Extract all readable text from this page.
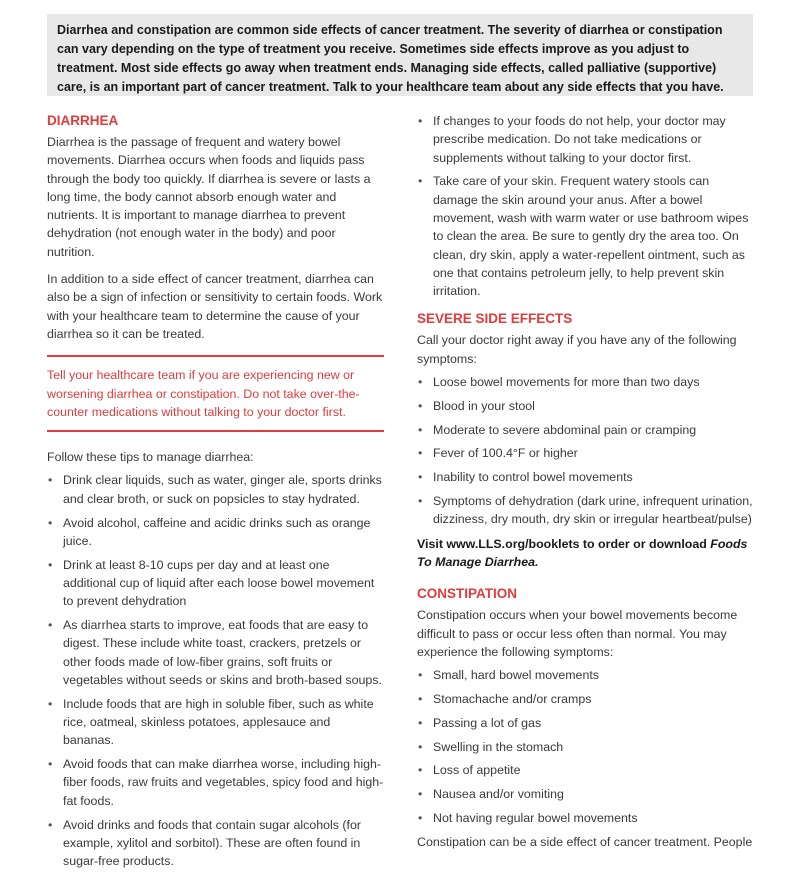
Diarrhea and constipation are common side effects of cancer treatment. The severity of diarrhea or constipation can vary depending on the type of treatment you receive. Sometimes side effects improve as you adjust to treatment. Most side effects go away when treatment ends. Managing side effects, called palliative (supportive) care, is an important part of cancer treatment. Talk to your healthcare team about any side effects that you have.
DIARRHEA

Diarrhea is the passage of frequent and watery bowel movements. Diarrhea occurs when foods and liquids pass through the body too quickly. If diarrhea is severe or lasts a long time, the body cannot absorb enough water and nutrients. It is important to manage diarrhea to prevent dehydration (not enough water in the body) and poor nutrition.

In addition to a side effect of cancer treatment, diarrhea can also be a sign of infection or sensitivity to certain foods. Work with your healthcare team to determine the cause of your diarrhea so it can be treated.

Tell your healthcare team if you are experiencing new or worsening diarrhea or constipation. Do not take over-the-counter medications without talking to your doctor first.

Follow these tips to manage diarrhea:

• Drink clear liquids, such as water, ginger ale, sports drinks and clear broth, or suck on popsicles to stay hydrated.
• Avoid alcohol, caffeine and acidic drinks such as orange juice.
• Drink at least 8-10 cups per day and at least one additional cup of liquid after each loose bowel movement to prevent dehydration
• As diarrhea starts to improve, eat foods that are easy to digest. These include white toast, crackers, pretzels or other foods made of low-fiber grains, soft fruits or vegetables without seeds or skins and broth-based soups.
• Include foods that are high in soluble fiber, such as white rice, oatmeal, skinless potatoes, applesauce and bananas.
• Avoid foods that can make diarrhea worse, including high-fiber foods, raw fruits and vegetables, spicy food and high-fat foods.
• Avoid drinks and foods that contain sugar alcohols (for example, xylitol and sorbitol). These are often found in sugar-free products.
• If changes to your foods do not help, your doctor may prescribe medication. Do not take medications or supplements without talking to your doctor first.
• Take care of your skin. Frequent watery stools can damage the skin around your anus. After a bowel movement, wash with warm water or use bathroom wipes to clean the area. Be sure to gently dry the area too. On clean, dry skin, apply a water-repellent ointment, such as one that contains petroleum jelly, to help prevent skin irritation.
SEVERE SIDE EFFECTS

Call your doctor right away if you have any of the following symptoms:

• Loose bowel movements for more than two days
• Blood in your stool
• Moderate to severe abdominal pain or cramping
• Fever of 100.4°F or higher
• Inability to control bowel movements
• Symptoms of dehydration (dark urine, infrequent urination, dizziness, dry mouth, dry skin or irregular heartbeat/pulse)

Visit www.LLS.org/booklets to order or download Foods To Manage Diarrhea.

CONSTIPATION

Constipation occurs when your bowel movements become difficult to pass or occur less often than normal. You may experience the following symptoms:

• Small, hard bowel movements
• Stomachache and/or cramps
• Passing a lot of gas
• Swelling in the stomach
• Loss of appetite
• Nausea and/or vomiting
• Not having regular bowel movements

Constipation can be a side effect of cancer treatment. People
